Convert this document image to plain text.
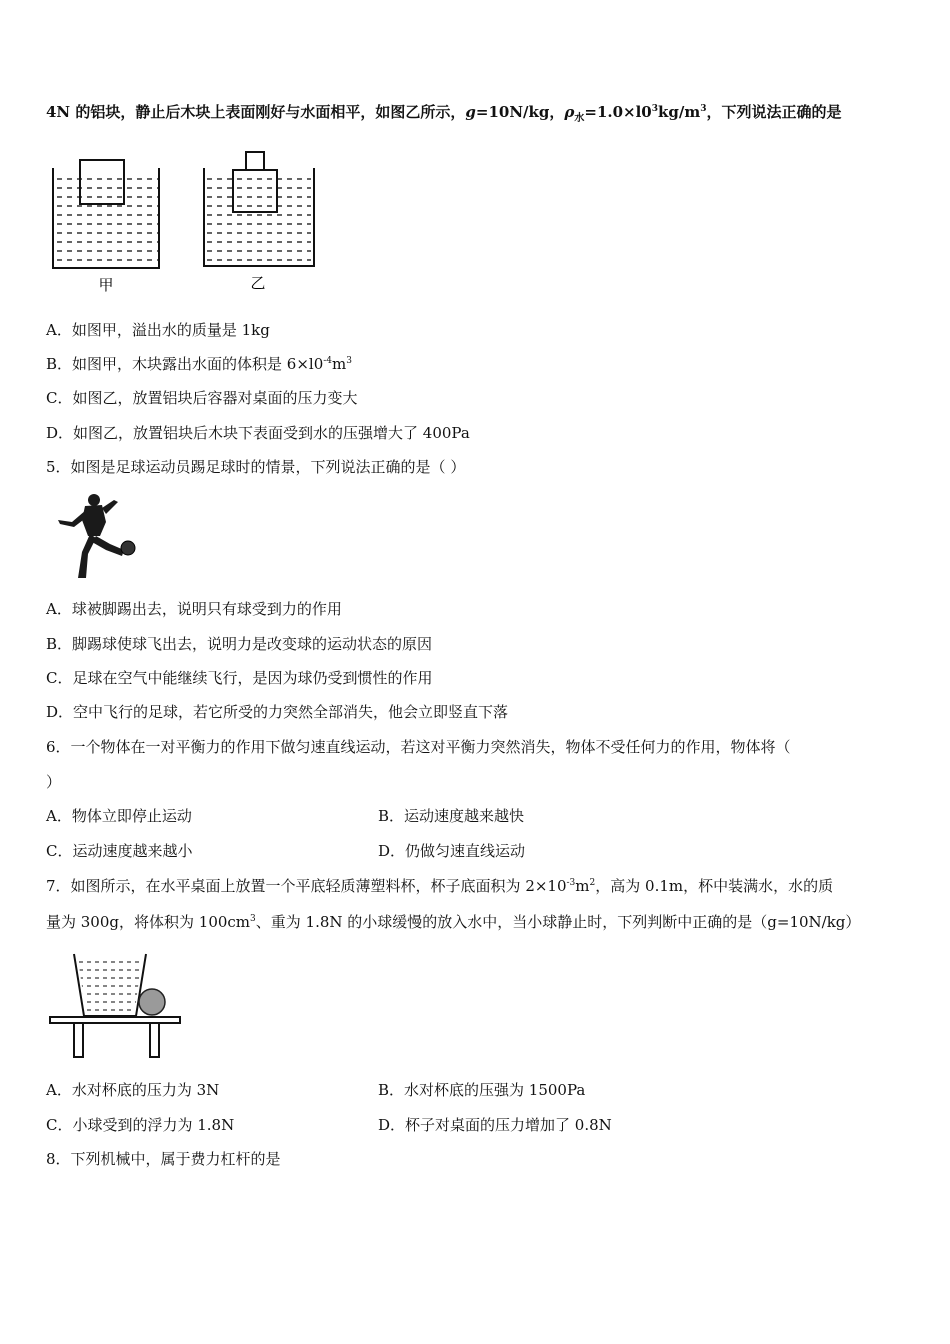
4N 的铝块，静止后木块上表面刚好与水面相平，如图乙所示，g=10N/kg，$\rho_水=1.0\times l0^3kg/m^3$，下列说法正确的是
甲	乙
A．如图甲，溢出水的质量是 1kg
B．如图甲，木块露出水面的体积是 $6\times l0^{-4}m^3$
C．如图乙，放置铝块后容器对桌面的压力变大
D．如图乙，放置铝块后木块下表面受到水的压强增大了 400Pa
5．如图是足球运动员踢足球时的情景，下列说法正确的是（ ）
A．球被脚踢出去，说明只有球受到力的作用
B．脚踢球使球飞出去，说明力是改变球的运动状态的原因
C．足球在空气中能继续飞行，是因为球仍受到惯性的作用
D．空中飞行的足球，若它所受的力突然全部消失，他会立即竖直下落
6．一个物体在一对平衡力的作用下做匀速直线运动，若这对平衡力突然消失，物体不受任何力的作用，物体将（
）
A．物体立即停止运动	B．运动速度越来越快
C．运动速度越来越小	D．仍做匀速直线运动
7．如图所示，在水平桌面上放置一个平底轻质薄塑料杯，杯子底面积为 $2\times 10^{-3}m^2$，高为 0.1m，杯中装满水，水的质
量为 300g，将体积为 $100cm^3$、重为 1.8N 的小球缓慢的放入水中，当小球静止时，下列判断中正确的是（g=10N/kg）
A．水对杯底的压力为 3N	B．水对杯底的压强为 1500Pa
C．小球受到的浮力为 1.8N	D．杯子对桌面的压力增加了 0.8N
8．下列机械中，属于费力杠杆的是
